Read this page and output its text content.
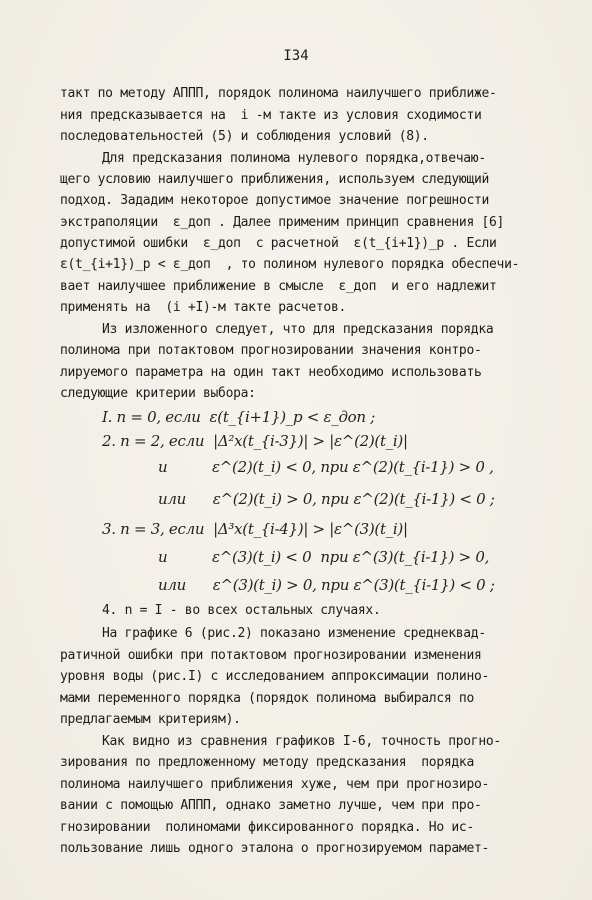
I34
такт по методу АППП, порядок полинома наилучшего приближе-
ния предсказывается на  i -м такте из условия сходимости
последовательностей (5) и соблюдения условий (8).
Для предсказания полинома нулевого порядка,отвечаю-
щего условию наилучшего приближения, используем следующий
подход. Зададим некоторое допустимое значение погрешности
экстраполяции  ε_доп . Далее применим принцип сравнения [6]
допустимой ошибки  ε_доп  с расчетной  ε(t_{i+1})_p . Если
ε(t_{i+1})_p < ε_доп  , то полином нулевого порядка обеспечи-
вает наилучшее приближение в смысле  ε_доп  и его надлежит
применять на  (i +I)-м такте расчетов.
Из изложенного следует, что для предсказания порядка
полинома при потактовом прогнозировании значения контро-
лируемого параметра на один такт необходимо использовать
следующие критерии выбора:
I. n = 0, если  ε(t_{i+1})_p < ε_доп ;
2. n = 2, если  |Δ²x(t_{i-3})| > |ε^(2)(t_i)|
и          ε^(2)(t_i) < 0, при ε^(2)(t_{i-1}) > 0 ,
или      ε^(2)(t_i) > 0, при ε^(2)(t_{i-1}) < 0 ;
3. n = 3, если  |Δ³x(t_{i-4})| > |ε^(3)(t_i)|
и          ε^(3)(t_i) < 0  при ε^(3)(t_{i-1}) > 0,
или      ε^(3)(t_i) > 0, при ε^(3)(t_{i-1}) < 0 ;
4. n = I - во всех остальных случаях.
На графике 6 (рис.2) показано изменение среднеквад-
ратичной ошибки при потактовом прогнозировании изменения
уровня воды (рис.I) с исследованием аппроксимации полино-
мами переменного порядка (порядок полинома выбирался по
предлагаемым критериям).
Как видно из сравнения графиков I-6, точность прогно-
зирования по предложенному методу предсказания  порядка
полинома наилучшего приближения хуже, чем при прогнозиро-
вании с помощью АППП, однако заметно лучше, чем при про-
гнозировании  полиномами фиксированного порядка. Но ис-
пользование лишь одного эталона о прогнозируемом парамет-
